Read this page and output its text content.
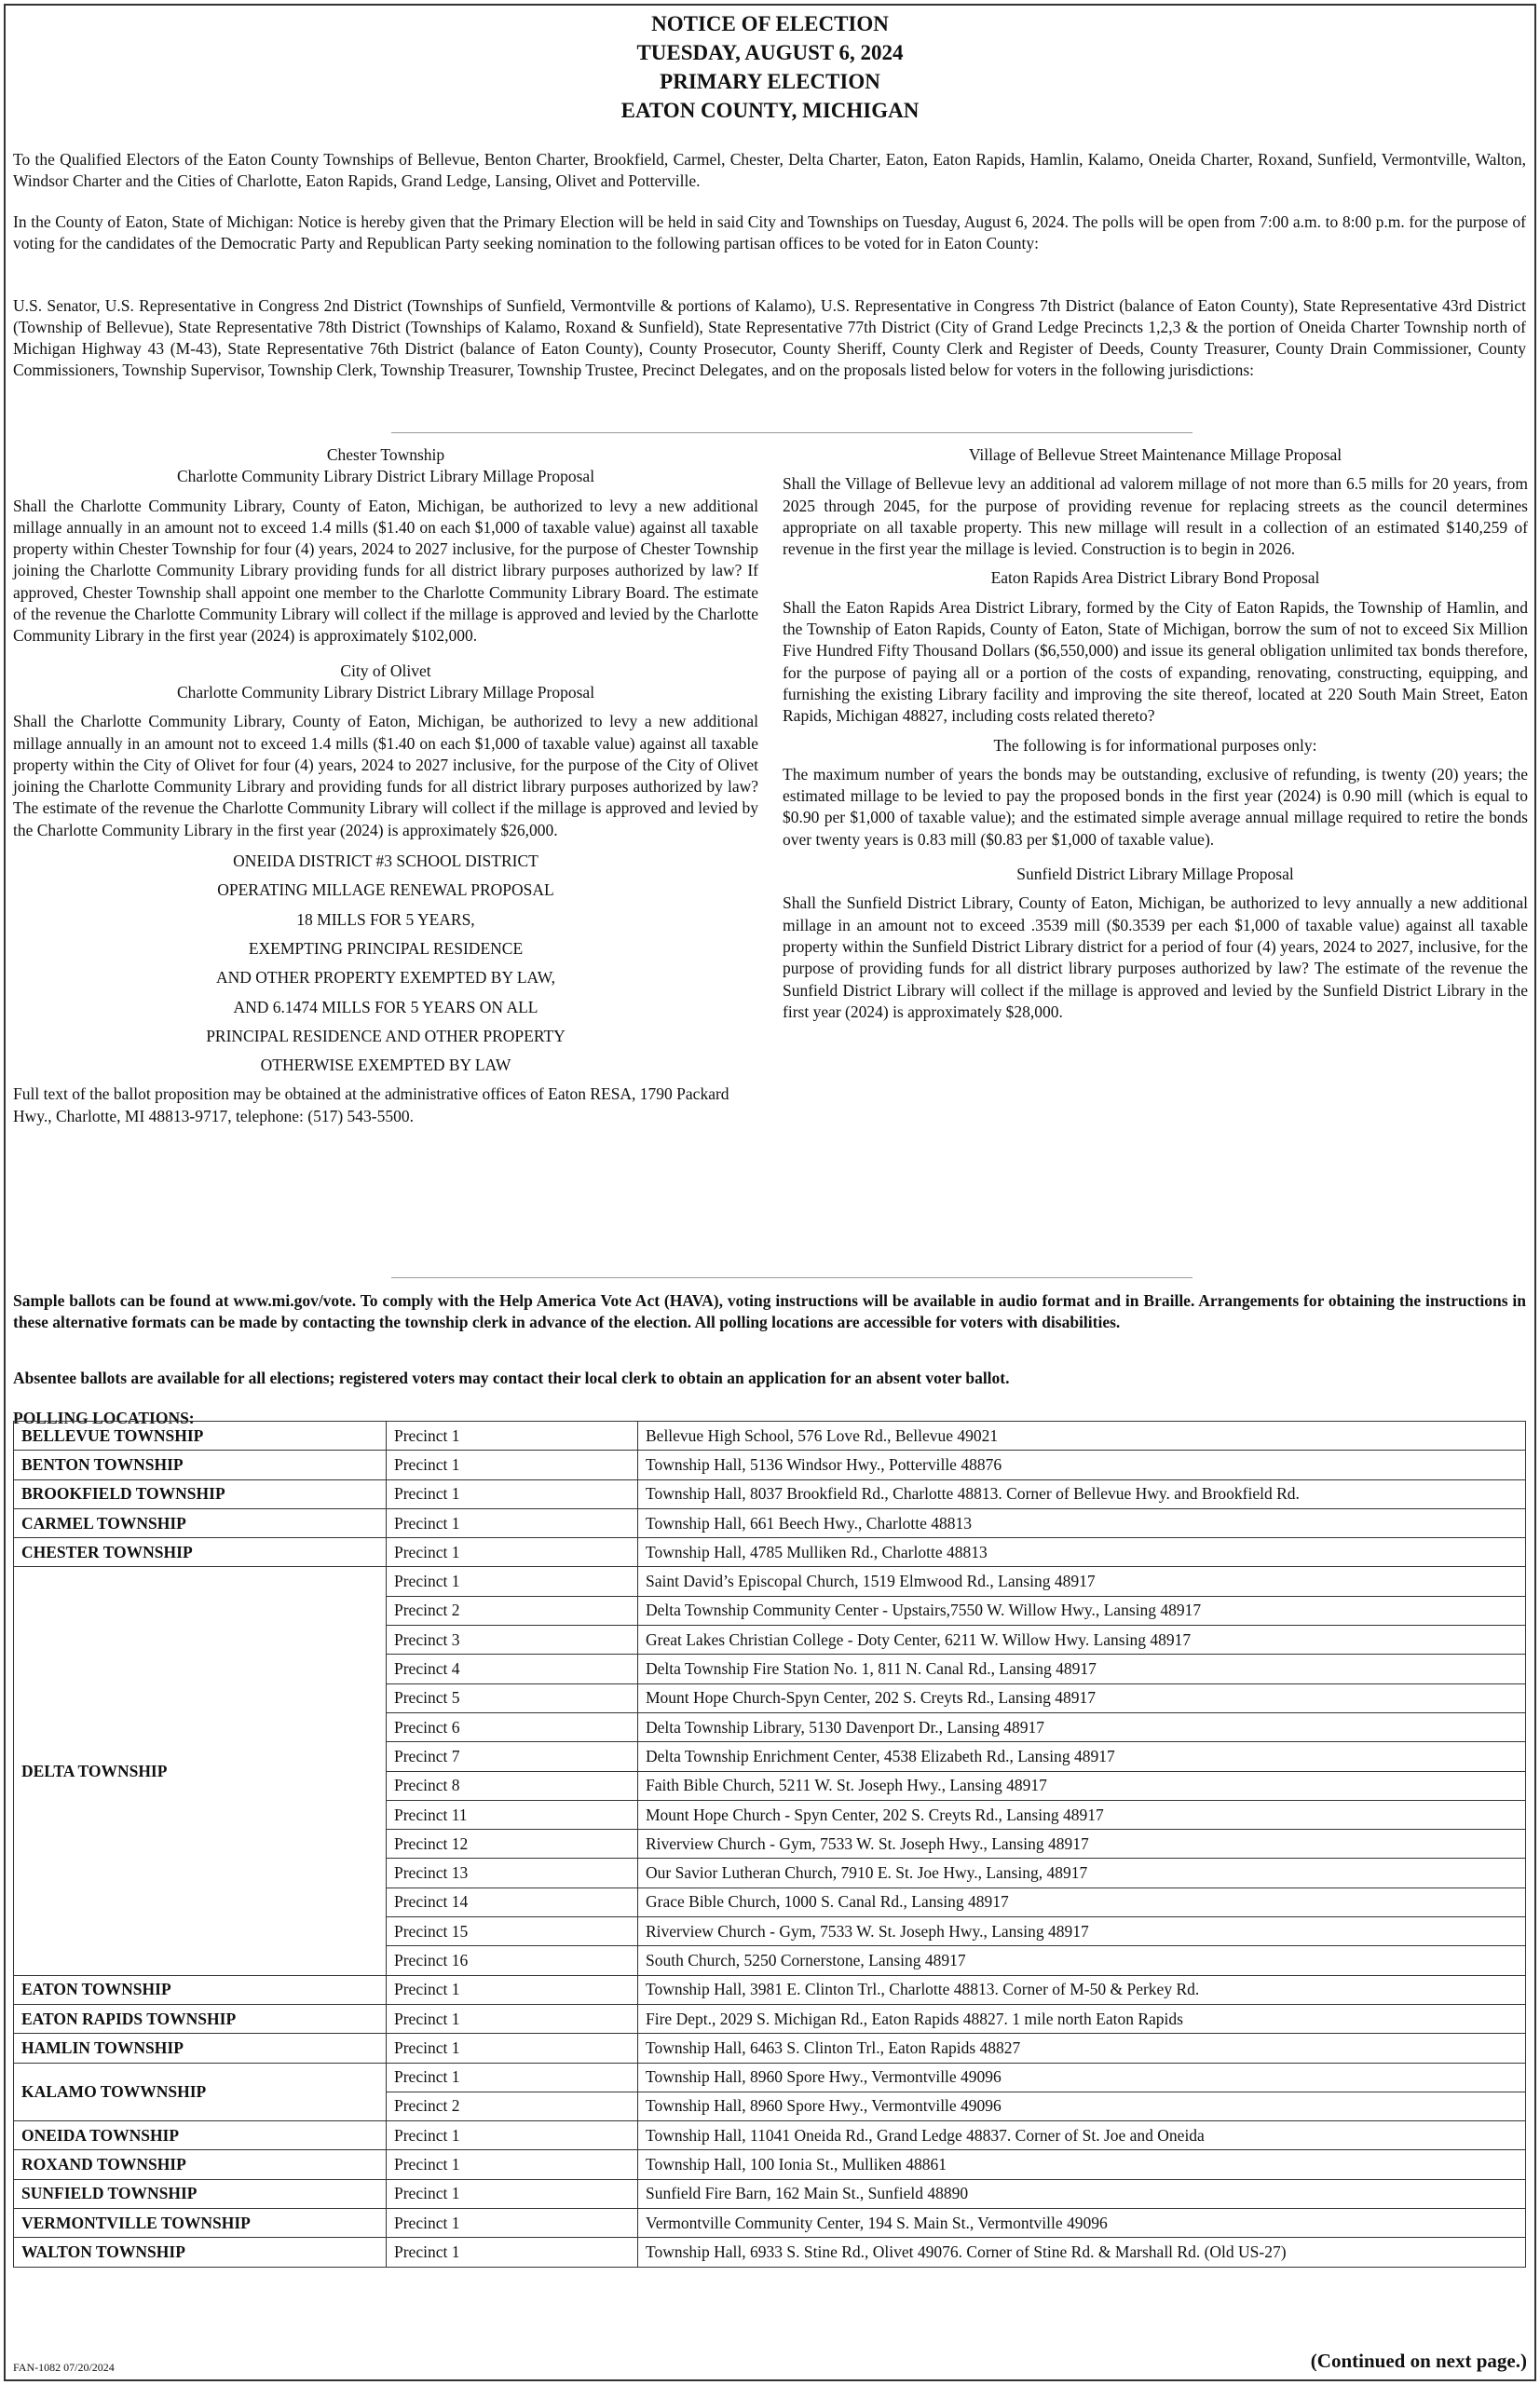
NOTICE OF ELECTION
TUESDAY, AUGUST 6, 2024
PRIMARY ELECTION
EATON COUNTY, MICHIGAN
To the Qualified Electors of the Eaton County Townships of Bellevue, Benton Charter, Brookfield, Carmel, Chester, Delta Charter, Eaton, Eaton Rapids, Hamlin, Kalamo, Oneida Charter, Roxand, Sunfield, Vermontville, Walton, Windsor Charter and the Cities of Charlotte, Eaton Rapids, Grand Ledge, Lansing, Olivet and Potterville.
In the County of Eaton, State of Michigan: Notice is hereby given that the Primary Election will be held in said City and Townships on Tuesday, August 6, 2024. The polls will be open from 7:00 a.m. to 8:00 p.m. for the purpose of voting for the candidates of the Democratic Party and Republican Party seeking nomination to the following partisan offices to be voted for in Eaton County:
U.S. Senator, U.S. Representative in Congress 2nd District (Townships of Sunfield, Vermontville & portions of Kalamo), U.S. Representative in Congress 7th District (balance of Eaton County), State Representative 43rd District (Township of Bellevue), State Representative 78th District (Townships of Kalamo, Roxand & Sunfield), State Representative 77th District (City of Grand Ledge Precincts 1,2,3 & the portion of Oneida Charter Township north of Michigan Highway 43 (M-43), State Representative 76th District (balance of Eaton County), County Prosecutor, County Sheriff, County Clerk and Register of Deeds, County Treasurer, County Drain Commissioner, County Commissioners, Township Supervisor, Township Clerk, Township Treasurer, Township Trustee, Precinct Delegates, and on the proposals listed below for voters in the following jurisdictions:

Chester Township

Charlotte Community Library District Library Millage Proposal

Shall the Charlotte Community Library, County of Eaton, Michigan, be authorized to levy a new additional millage annually in an amount not to exceed 1.4 mills ($1.40 on each $1,000 of taxable value) against all taxable property within Chester Township for four (4) years, 2024 to 2027 inclusive, for the purpose of Chester Township joining the Charlotte Community Library providing funds for all district library purposes authorized by law? If approved, Chester Township shall appoint one member to the Charlotte Community Library Board. The estimate of the revenue the Charlotte Community Library will collect if the millage is approved and levied by the Charlotte Community Library in the first year (2024) is approximately $102,000.

City of Olivet

Charlotte Community Library District Library Millage Proposal

Shall the Charlotte Community Library, County of Eaton, Michigan, be authorized to levy a new additional millage annually in an amount not to exceed 1.4 mills ($1.40 on each $1,000 of taxable value) against all taxable property within the City of Olivet for four (4) years, 2024 to 2027 inclusive, for the purpose of the City of Olivet joining the Charlotte Community Library and providing funds for all district library purposes authorized by law? The estimate of the revenue the Charlotte Community Library will collect if the millage is approved and levied by the Charlotte Community Library in the first year (2024) is approximately $26,000.

ONEIDA DISTRICT #3 SCHOOL DISTRICT

OPERATING MILLAGE RENEWAL PROPOSAL

18 MILLS FOR 5 YEARS,

EXEMPTING PRINCIPAL RESIDENCE

AND OTHER PROPERTY EXEMPTED BY LAW,

AND 6.1474 MILLS FOR 5 YEARS ON ALL

PRINCIPAL RESIDENCE AND OTHER PROPERTY

OTHERWISE EXEMPTED BY LAW

Full text of the ballot proposition may be obtained at the administrative offices of Eaton RESA, 1790 Packard Hwy., Charlotte, MI 48813-9717, telephone: (517) 543-5500.

Village of Bellevue Street Maintenance Millage Proposal

Shall the Village of Bellevue levy an additional ad valorem millage of not more than 6.5 mills for 20 years, from 2025 through 2045, for the purpose of providing revenue for replacing streets as the council determines appropriate on all taxable property. This new millage will result in a collection of an estimated $140,259 of revenue in the first year the millage is levied. Construction is to begin in 2026.

Eaton Rapids Area District Library Bond Proposal

Shall the Eaton Rapids Area District Library, formed by the City of Eaton Rapids, the Township of Hamlin, and the Township of Eaton Rapids, County of Eaton, State of Michigan, borrow the sum of not to exceed Six Million Five Hundred Fifty Thousand Dollars ($6,550,000) and issue its general obligation unlimited tax bonds therefore, for the purpose of paying all or a portion of the costs of expanding, renovating, constructing, equipping, and furnishing the existing Library facility and improving the site thereof, located at 220 South Main Street, Eaton Rapids, Michigan 48827, including costs related thereto?

The following is for informational purposes only:

The maximum number of years the bonds may be outstanding, exclusive of refunding, is twenty (20) years; the estimated millage to be levied to pay the proposed bonds in the first year (2024) is 0.90 mill (which is equal to $0.90 per $1,000 of taxable value); and the estimated simple average annual millage required to retire the bonds over twenty years is 0.83 mill ($0.83 per $1,000 of taxable value).

Sunfield District Library Millage Proposal

Shall the Sunfield District Library, County of Eaton, Michigan, be authorized to levy annually a new additional millage in an amount not to exceed .3539 mill ($0.3539 per each $1,000 of taxable value) against all taxable property within the Sunfield District Library district for a period of four (4) years, 2024 to 2027, inclusive, for the purpose of providing funds for all district library purposes authorized by law? The estimate of the revenue the Sunfield District Library will collect if the millage is approved and levied by the Sunfield District Library in the first year (2024) is approximately $28,000.

Sample ballots can be found at www.mi.gov/vote. To comply with the Help America Vote Act (HAVA), voting instructions will be available in audio format and in Braille. Arrangements for obtaining the instructions in these alternative formats can be made by contacting the township clerk in advance of the election. All polling locations are accessible for voters with disabilities.
Absentee ballots are available for all elections; registered voters may contact their local clerk to obtain an application for an absent voter ballot.
POLLING LOCATIONS:
BELLEVUE TOWNSHIP	Precinct 1	Bellevue High School, 576 Love Rd., Bellevue 49021
BENTON TOWNSHIP	Precinct 1	Township Hall, 5136 Windsor Hwy., Potterville 48876
BROOKFIELD TOWNSHIP	Precinct 1	Township Hall, 8037 Brookfield Rd., Charlotte 48813. Corner of Bellevue Hwy. and Brookfield Rd.
CARMEL TOWNSHIP	Precinct 1	Township Hall, 661 Beech Hwy., Charlotte 48813
CHESTER TOWNSHIP	Precinct 1	Township Hall, 4785 Mulliken Rd., Charlotte 48813
DELTA TOWNSHIP	Precinct 1	Saint David’s Episcopal Church, 1519 Elmwood Rd., Lansing 48917
	Precinct 2	Delta Township Community Center - Upstairs,7550 W. Willow Hwy., Lansing 48917
	Precinct 3	Great Lakes Christian College - Doty Center, 6211 W. Willow Hwy. Lansing 48917
	Precinct 4	Delta Township Fire Station No. 1, 811 N. Canal Rd., Lansing 48917
	Precinct 5	Mount Hope Church-Spyn Center, 202 S. Creyts Rd., Lansing 48917
	Precinct 6	Delta Township Library, 5130 Davenport Dr., Lansing 48917
	Precinct 7	Delta Township Enrichment Center, 4538 Elizabeth Rd., Lansing 48917
	Precinct 8	Faith Bible Church, 5211 W. St. Joseph Hwy., Lansing 48917
	Precinct 11	Mount Hope Church - Spyn Center, 202 S. Creyts Rd., Lansing 48917
	Precinct 12	Riverview Church - Gym, 7533 W. St. Joseph Hwy., Lansing 48917
	Precinct 13	Our Savior Lutheran Church, 7910 E. St. Joe Hwy., Lansing, 48917
	Precinct 14	Grace Bible Church, 1000 S. Canal Rd., Lansing 48917
	Precinct 15	Riverview Church - Gym, 7533 W. St. Joseph Hwy., Lansing 48917
	Precinct 16	South Church, 5250 Cornerstone, Lansing 48917
EATON TOWNSHIP	Precinct 1	Township Hall, 3981 E. Clinton Trl., Charlotte 48813. Corner of M-50 & Perkey Rd.
EATON RAPIDS TOWNSHIP	Precinct 1	Fire Dept., 2029 S. Michigan Rd., Eaton Rapids 48827. 1 mile north Eaton Rapids
HAMLIN TOWNSHIP	Precinct 1	Township Hall, 6463 S. Clinton Trl., Eaton Rapids 48827
KALAMO TOWWNSHIP	Precinct 1	Township Hall, 8960 Spore Hwy., Vermontville 49096
	Precinct 2	Township Hall, 8960 Spore Hwy., Vermontville 49096
ONEIDA TOWNSHIP	Precinct 1	Township Hall, 11041 Oneida Rd., Grand Ledge 48837. Corner of St. Joe and Oneida
ROXAND TOWNSHIP	Precinct 1	Township Hall, 100 Ionia St., Mulliken 48861
SUNFIELD TOWNSHIP	Precinct 1	Sunfield Fire Barn, 162 Main St., Sunfield 48890
VERMONTVILLE TOWNSHIP	Precinct 1	Vermontville Community Center, 194 S. Main St., Vermontville 49096
WALTON TOWNSHIP	Precinct 1	Township Hall, 6933 S. Stine Rd., Olivet 49076. Corner of Stine Rd. & Marshall Rd. (Old US-27)
FAN-1082 07/20/2024	(Continued on next page.)
